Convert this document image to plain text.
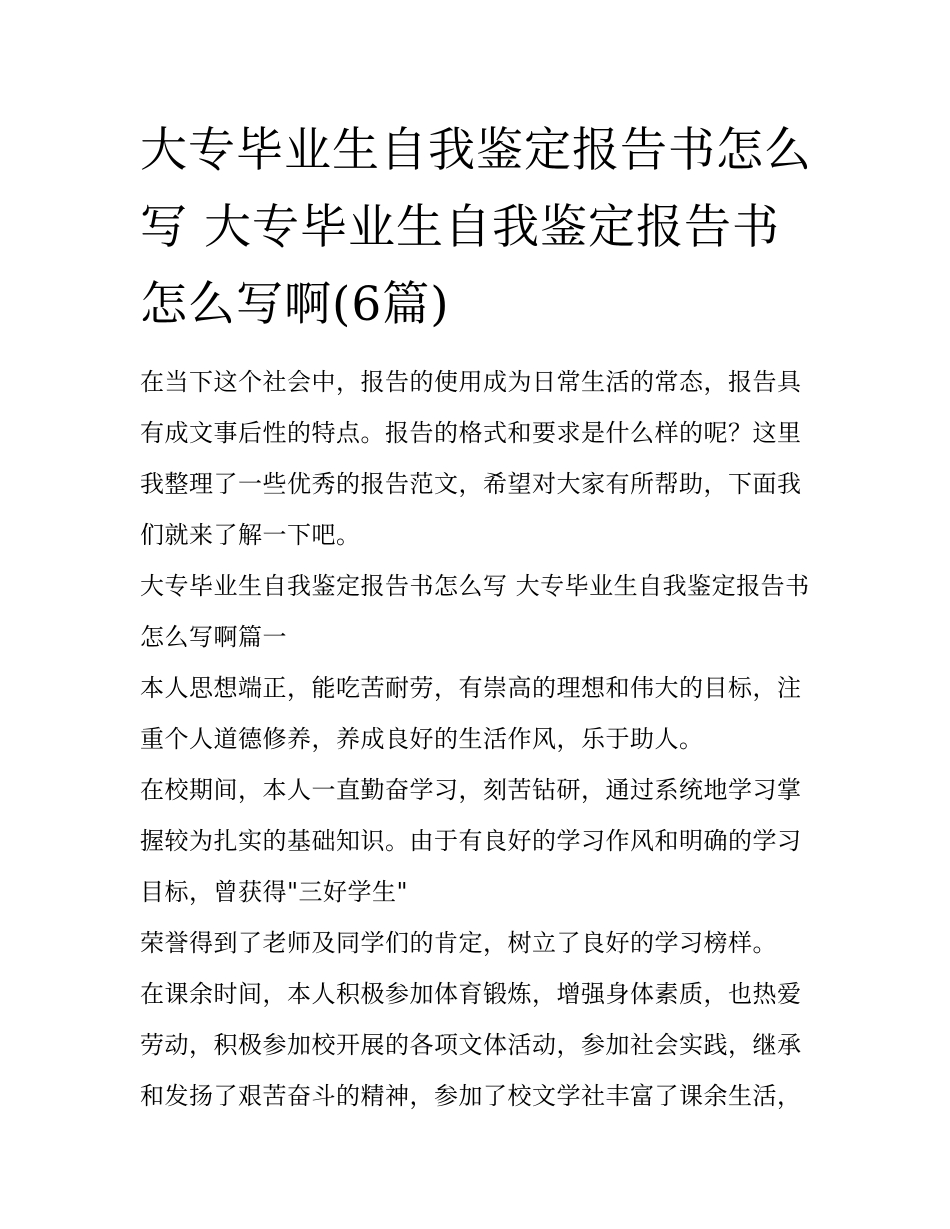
大专毕业生自我鉴定报告书怎么写 大专毕业生自我鉴定报告书怎么写啊(6篇)

在当下这个社会中，报告的使用成为日常生活的常态，报告具有成文事后性的特点。报告的格式和要求是什么样的呢？这里我整理了一些优秀的报告范文，希望对大家有所帮助，下面我们就来了解一下吧。

大专毕业生自我鉴定报告书怎么写 大专毕业生自我鉴定报告书怎么写啊篇一

本人思想端正，能吃苦耐劳，有崇高的理想和伟大的目标，注重个人道德修养，养成良好的生活作风，乐于助人。

在校期间，本人一直勤奋学习，刻苦钻研，通过系统地学习掌握较为扎实的基础知识。由于有良好的学习作风和明确的学习目标，曾获得"三好学生"

荣誉得到了老师及同学们的肯定，树立了良好的学习榜样。

在课余时间，本人积极参加体育锻炼，增强身体素质，也热爱劳动，积极参加校开展的各项文体活动，参加社会实践，继承和发扬了艰苦奋斗的精神，参加了校文学社丰富了课余生活，
